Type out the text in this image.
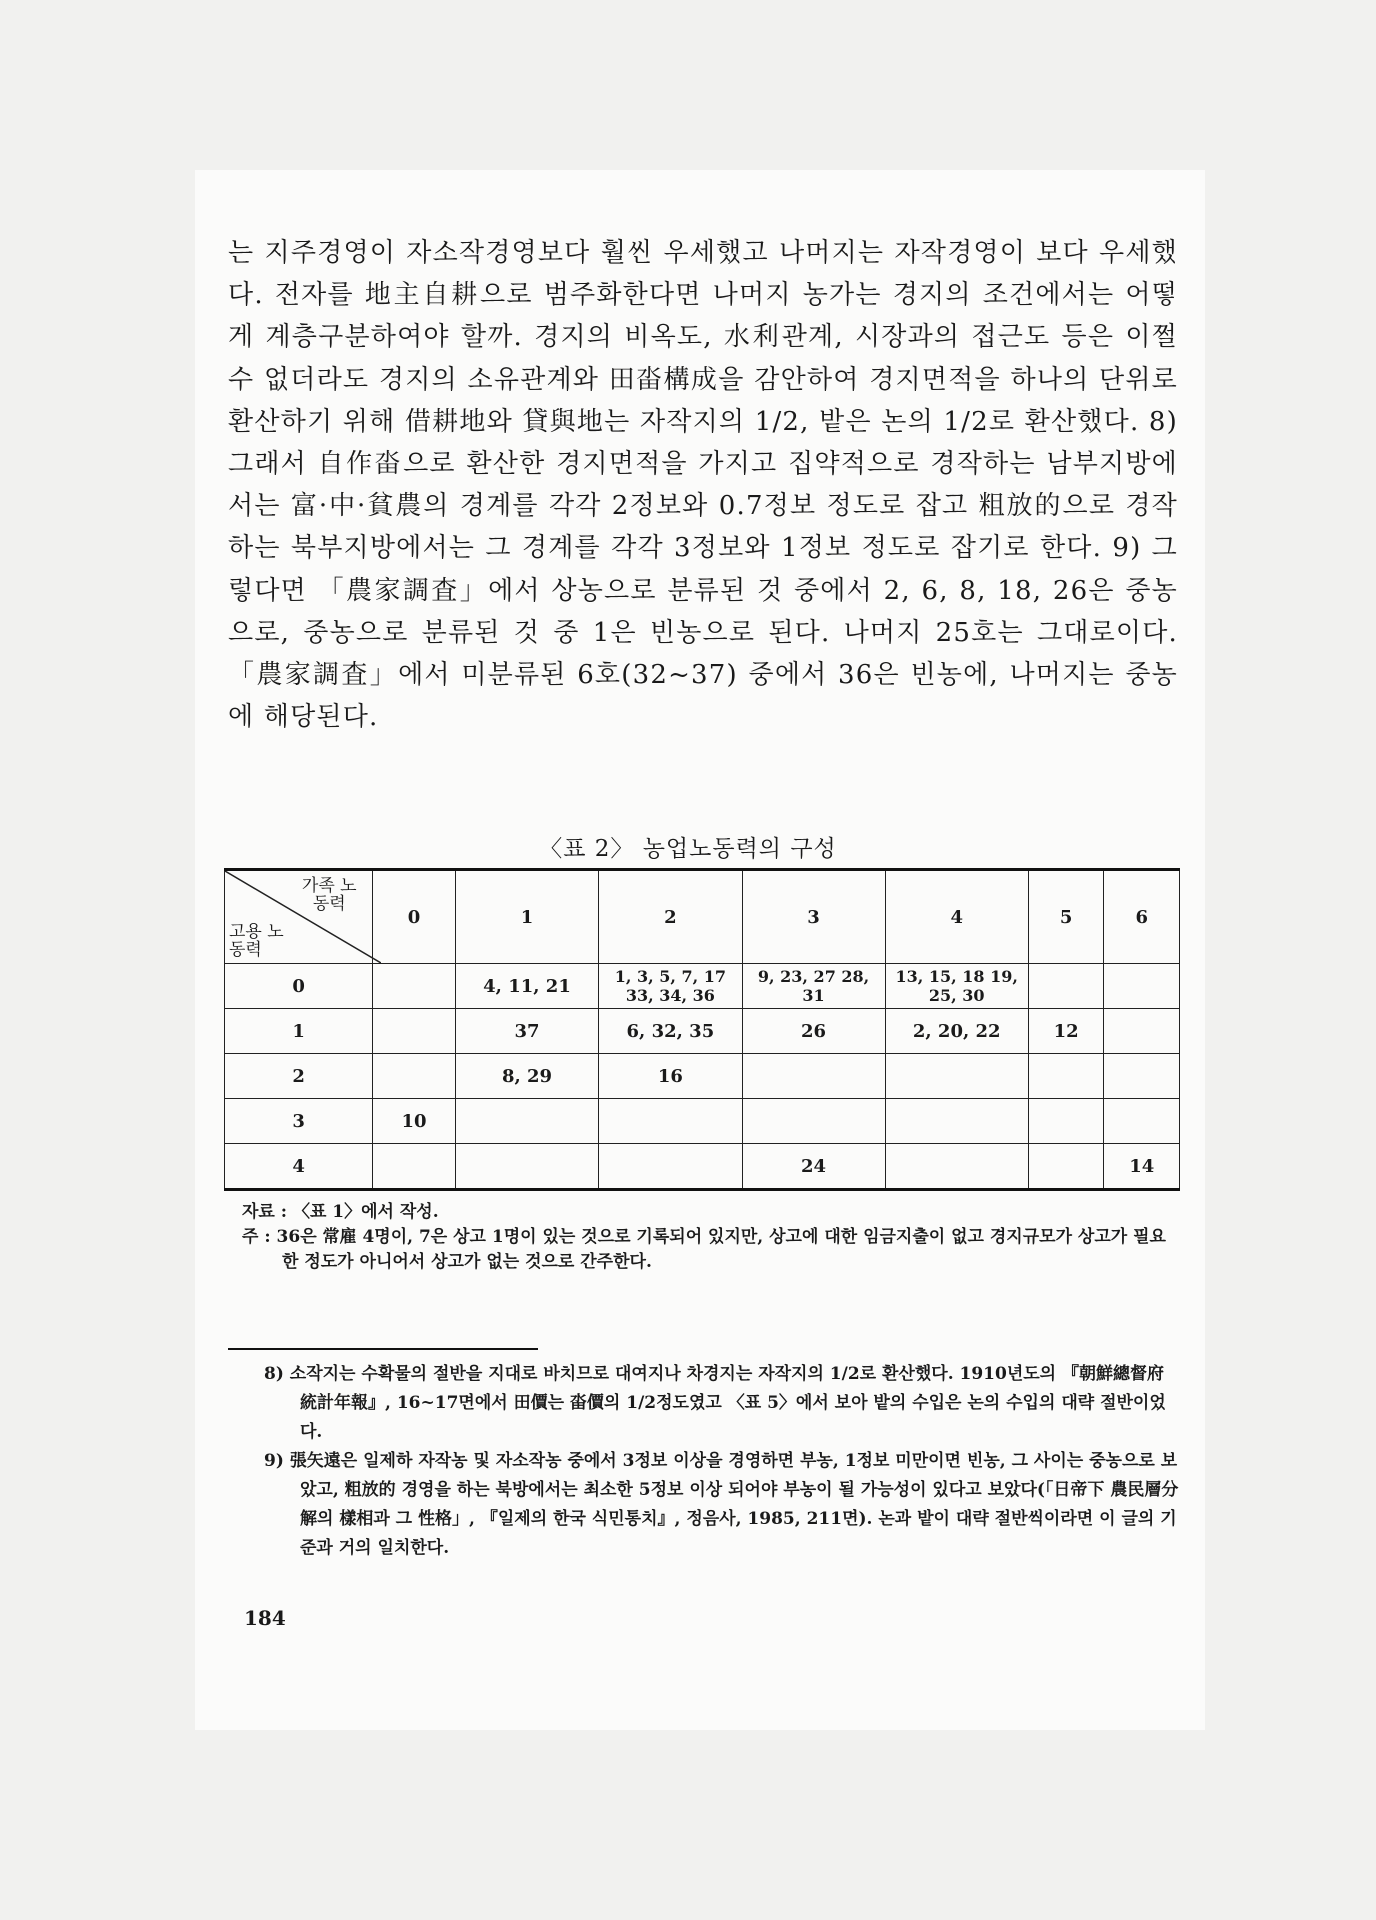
는 지주경영이 자소작경영보다 훨씬 우세했고 나머지는 자작경영이 보다 우세했다. 전자를 地主自耕으로 범주화한다면 나머지 농가는 경지의 조건에서는 어떻게 계층구분하여야 할까. 경지의 비옥도, 水利관계, 시장과의 접근도 등은 이쩔 수 없더라도 경지의 소유관계와 田畓構成을 감안하여 경지면적을 하나의 단위로 환산하기 위해 借耕地와 貸與地는 자작지의 1/2, 밭은 논의 1/2로 환산했다. 8) 그래서 自作畓으로 환산한 경지면적을 가지고 집약적으로 경작하는 남부지방에서는 富·中·貧農의 경계를 각각 2정보와 0.7정보 정도로 잡고 粗放的으로 경작하는 북부지방에서는 그 경계를 각각 3정보와 1정보 정도로 잡기로 한다. 9) 그렇다면 「農家調査」에서 상농으로 분류된 것 중에서 2, 6, 8, 18, 26은 중농으로, 중농으로 분류된 것 중 1은 빈농으로 된다. 나머지 25호는 그대로이다. 「農家調査」에서 미분류된 6호(32~37) 중에서 36은 빈농에, 나머지는 중농에 해당된다.

〈표 2〉 농업노동력의 구성
가족 노동력
고용 노동력	0	1	2	3	4	5	6
0		4, 11, 21	1, 3, 5, 7, 17 33, 34, 36	9, 23, 27 28, 31	13, 15, 18 19, 25, 30		
1		37	6, 32, 35	26	2, 20, 22	12	
2		8, 29	16				
3	10						
4				24			14

자료 : 〈표 1〉에서 작성.

주 : 36은 常雇 4명이, 7은 상고 1명이 있는 것으로 기록되어 있지만, 상고에 대한 임금지출이 없고 경지규모가 상고가 필요한 정도가 아니어서 상고가 없는 것으로 간주한다.

8) 소작지는 수확물의 절반을 지대로 바치므로 대여지나 차경지는 자작지의 1/2로 환산했다. 1910년도의 『朝鮮總督府統計年報』, 16~17면에서 田價는 畓價의 1/2정도였고 〈표 5〉에서 보아 밭의 수입은 논의 수입의 대략 절반이었다.

9) 張矢遠은 일제하 자작농 및 자소작농 중에서 3정보 이상을 경영하면 부농, 1정보 미만이면 빈농, 그 사이는 중농으로 보았고, 粗放的 경영을 하는 북방에서는 최소한 5정보 이상 되어야 부농이 될 가능성이 있다고 보았다(「日帝下 農民層分解의 樣相과 그 性格」, 『일제의 한국 식민통치』, 정음사, 1985, 211면). 논과 밭이 대략 절반씩이라면 이 글의 기준과 거의 일치한다.

184
